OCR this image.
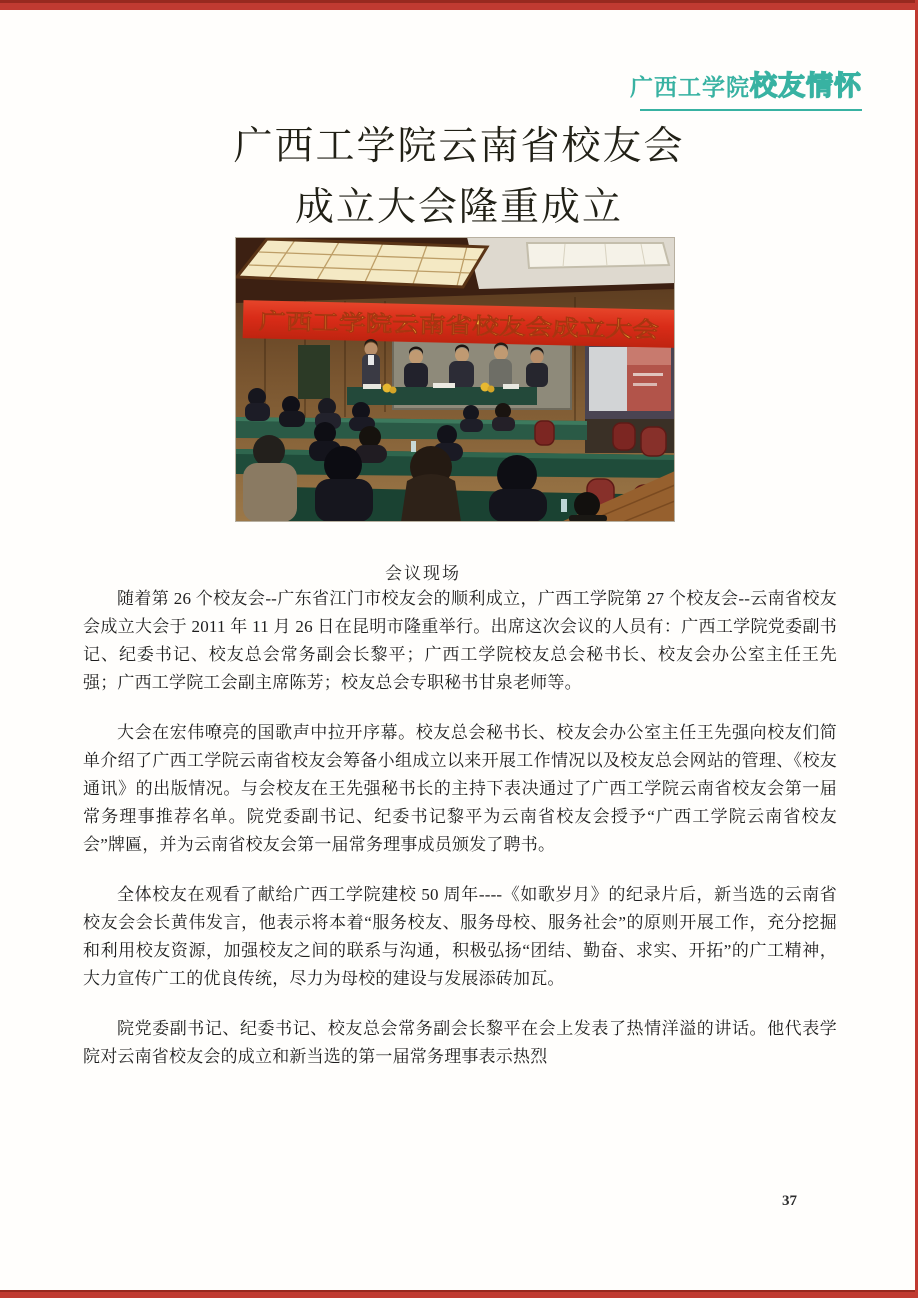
广西工学院校友情怀
广西工学院云南省校友会
成立大会隆重成立
广西工学院云南省校友会成立大会
会议现场

随着第 26 个校友会--广东省江门市校友会的顺利成立，广西工学院第 27 个校友会--云南省校友会成立大会于 2011 年 11 月 26 日在昆明市隆重举行。出席这次会议的人员有：广西工学院党委副书记、纪委书记、校友总会常务副会长黎平；广西工学院校友总会秘书长、校友会办公室主任王先强；广西工学院工会副主席陈芳；校友总会专职秘书甘泉老师等。

大会在宏伟嘹亮的国歌声中拉开序幕。校友总会秘书长、校友会办公室主任王先强向校友们简单介绍了广西工学院云南省校友会筹备小组成立以来开展工作情况以及校友总会网站的管理、《校友通讯》的出版情况。与会校友在王先强秘书长的主持下表决通过了广西工学院云南省校友会第一届常务理事推荐名单。院党委副书记、纪委书记黎平为云南省校友会授予“广西工学院云南省校友会”牌匾，并为云南省校友会第一届常务理事成员颁发了聘书。

全体校友在观看了献给广西工学院建校 50 周年----《如歌岁月》的纪录片后，新当选的云南省校友会会长黄伟发言，他表示将本着“服务校友、服务母校、服务社会”的原则开展工作，充分挖掘和利用校友资源，加强校友之间的联系与沟通，积极弘扬“团结、勤奋、求实、开拓”的广工精神，大力宣传广工的优良传统，尽力为母校的建设与发展添砖加瓦。

院党委副书记、纪委书记、校友总会常务副会长黎平在会上发表了热情洋溢的讲话。他代表学院对云南省校友会的成立和新当选的第一届常务理事表示热烈

37
